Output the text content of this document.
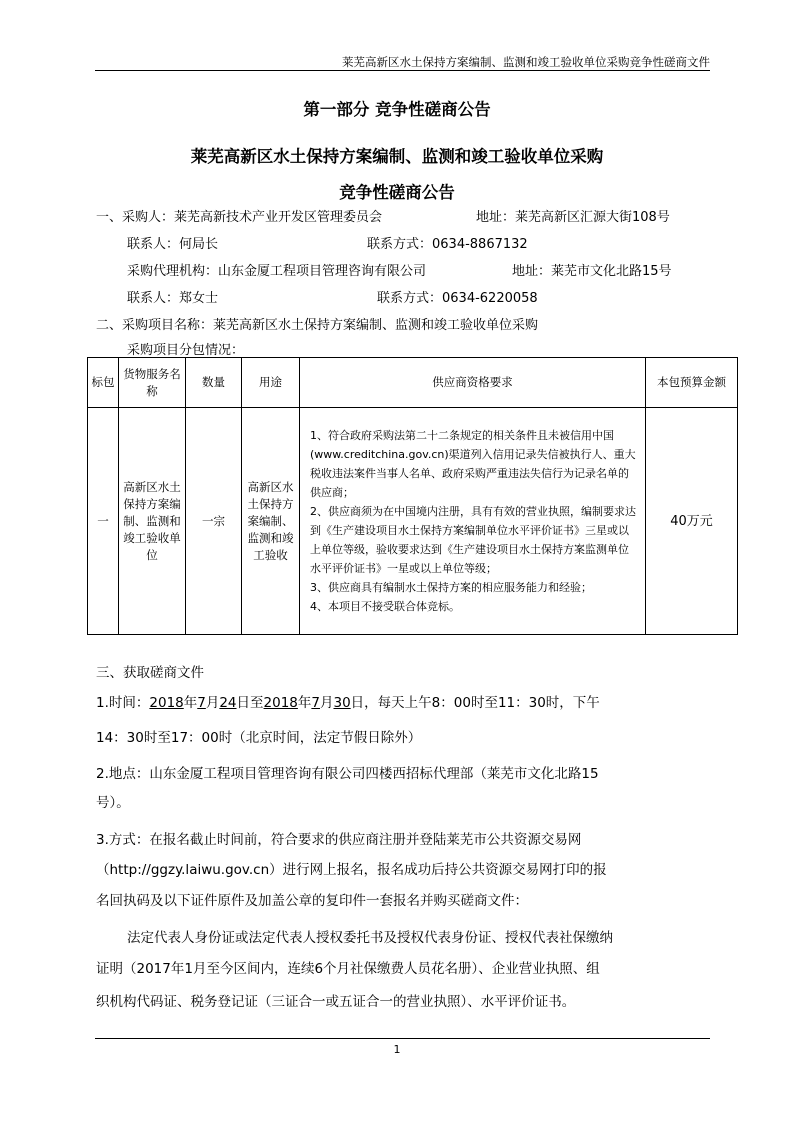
莱芜高新区水土保持方案编制、监测和竣工验收单位采购竞争性磋商文件
第一部分 竞争性磋商公告
莱芜高新区水土保持方案编制、监测和竣工验收单位采购
竞争性磋商公告
一、采购人：莱芜高新技术产业开发区管理委员会	地址：莱芜高新区汇源大街108号
联系人：何局长	联系方式：0634-8867132
采购代理机构：山东金厦工程项目管理咨询有限公司	地址：莱芜市文化北路15号
联系人：郑女士	联系方式：0634-6220058
二、采购项目名称：莱芜高新区水土保持方案编制、监测和竣工验收单位采购
采购项目分包情况：
标包	货物服务名称	数量	用途	供应商资格要求	本包预算金额
一	高新区水土保持方案编制、监测和竣工验收单位	一宗	高新区水土保持方案编制、监测和竣工验收	1、符合政府采购法第二十二条规定的相关条件且未被信用中国(www.creditchina.gov.cn)渠道列入信用记录失信被执行人、重大税收违法案件当事人名单、政府采购严重违法失信行为记录名单的供应商；
2、供应商须为在中国境内注册，具有有效的营业执照，编制要求达到《生产建设项目水土保持方案编制单位水平评价证书》三星或以上单位等级，验收要求达到《生产建设项目水土保持方案监测单位水平评价证书》一星或以上单位等级；
3、供应商具有编制水土保持方案的相应服务能力和经验；
4、本项目不接受联合体竞标。	40万元
三、获取磋商文件
1.时间：2018年7月24日至2018年7月30日，每天上午8：00时至11：30时，下午
14：30时至17：00时（北京时间，法定节假日除外）
2.地点：山东金厦工程项目管理咨询有限公司四楼西招标代理部（莱芜市文化北路15
号）。
3.方式：在报名截止时间前，符合要求的供应商注册并登陆莱芜市公共资源交易网
（http://ggzy.laiwu.gov.cn）进行网上报名，报名成功后持公共资源交易网打印的报
名回执码及以下证件原件及加盖公章的复印件一套报名并购买磋商文件：
法定代表人身份证或法定代表人授权委托书及授权代表身份证、授权代表社保缴纳
证明（2017年1月至今区间内，连续6个月社保缴费人员花名册）、企业营业执照、组
织机构代码证、税务登记证（三证合一或五证合一的营业执照）、水平评价证书。
1
